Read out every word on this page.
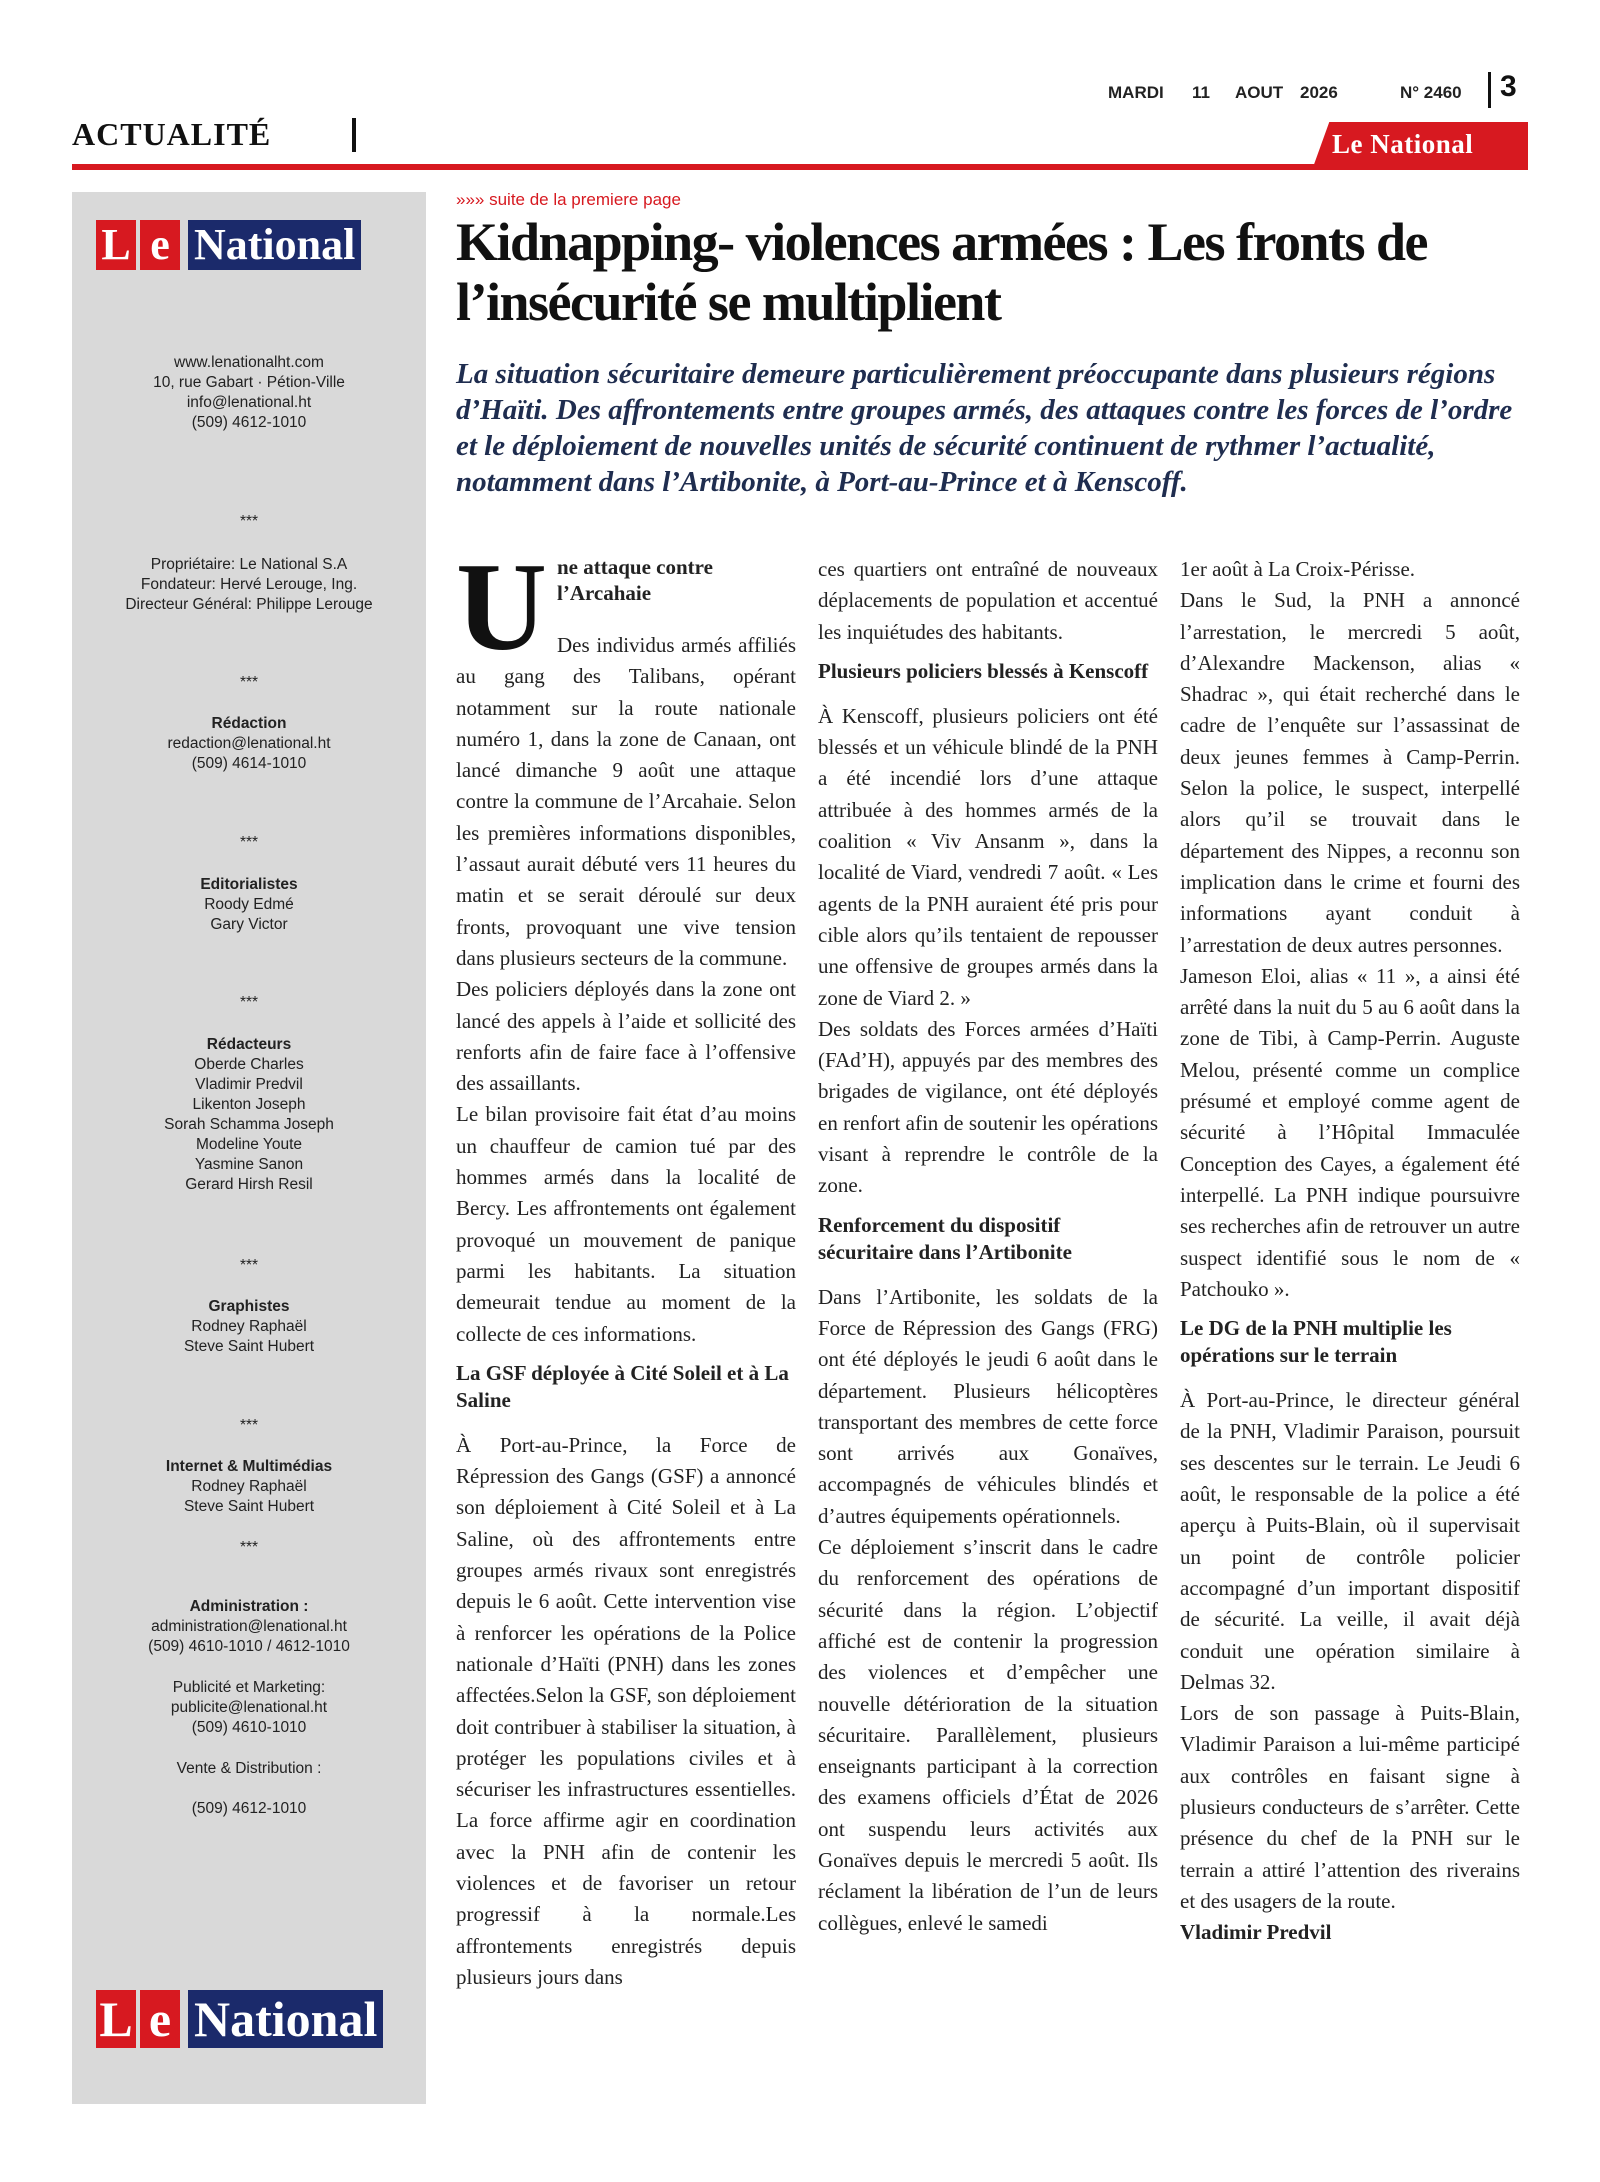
ACTUALITÉ
MARDI 11 AOUT 2026	N° 2460 3
Le National
L e National
www.lenationalht.com
10, rue Gabart · Pétion-Ville
info@lenational.ht
(509) 4612-1010
***
Propriétaire: Le National S.A
Fondateur: Hervé Lerouge, Ing.
Directeur Général: Philippe Lerouge
***
Rédaction
redaction@lenational.ht
(509) 4614-1010
***
Editorialistes
Roody Edmé
Gary Victor
***
Rédacteurs
Oberde Charles
Vladimir Predvil
Likenton Joseph
Sorah Schamma Joseph
Modeline Youte
Yasmine Sanon
Gerard Hirsh Resil
***
Graphistes
Rodney Raphaël
Steve Saint Hubert
***
Internet & Multimédias
Rodney Raphaël
Steve Saint Hubert
***
Administration :
administration@lenational.ht
(509) 4610-1010 / 4612-1010
Publicité et Marketing:
publicite@lenational.ht
(509) 4610-1010
Vente & Distribution :
(509) 4612-1010
L e National
»»» suite de la premiere page
Kidnapping- violences armées : Les fronts de l’insécurité se multiplient
La situation sécuritaire demeure particulièrement préoccupante dans plusieurs régions d’Haïti. Des affrontements entre groupes armés, des attaques contre les forces de l’ordre et le déploiement de nouvelles unités de sécurité continuent de rythmer l’actualité, notamment dans l’Artibonite, à Port-au-Prince et à Kenscoff.
U ne attaque contre l’Arcahaie

Des individus armés affiliés au gang des Talibans, opérant notamment sur la route nationale numéro 1, dans la zone de Canaan, ont lancé dimanche 9 août une attaque contre la commune de l’Arcahaie. Selon les premières informations disponibles, l’assaut aurait débuté vers 11 heures du matin et se serait déroulé sur deux fronts, provoquant une vive tension dans plusieurs secteurs de la commune.

Des policiers déployés dans la zone ont lancé des appels à l’aide et sollicité des renforts afin de faire face à l’offensive des assaillants.

Le bilan provisoire fait état d’au moins un chauffeur de camion tué par des hommes armés dans la localité de Bercy. Les affrontements ont également provoqué un mouvement de panique parmi les habitants. La situation demeurait tendue au moment de la collecte de ces informations.

La GSF déployée à Cité Soleil et à La Saline

À Port-au-Prince, la Force de Répression des Gangs (GSF) a annoncé son déploiement à Cité Soleil et à La Saline, où des affrontements entre groupes armés rivaux sont enregistrés depuis le 6 août. Cette intervention vise à renforcer les opérations de la Police nationale d’Haïti (PNH) dans les zones affectées.Selon la GSF, son déploiement doit contribuer à stabiliser la situation, à protéger les populations civiles et à sécuriser les infrastructures essentielles. La force affirme agir en coordination avec la PNH afin de contenir les violences et de favoriser un retour progressif à la normale.Les affrontements enregistrés depuis plusieurs jours dans

ces quartiers ont entraîné de nouveaux déplacements de population et accentué les inquiétudes des habitants.

Plusieurs policiers blessés à Kenscoff

À Kenscoff, plusieurs policiers ont été blessés et un véhicule blindé de la PNH a été incendié lors d’une attaque attribuée à des hommes armés de la coalition « Viv Ansanm », dans la localité de Viard, vendredi 7 août. « Les agents de la PNH auraient été pris pour cible alors qu’ils tentaient de repousser une offensive de groupes armés dans la zone de Viard 2. »

Des soldats des Forces armées d’Haïti (FAd’H), appuyés par des membres des brigades de vigilance, ont été déployés en renfort afin de soutenir les opérations visant à reprendre le contrôle de la zone.

Renforcement du dispositif sécuritaire dans l’Artibonite

Dans l’Artibonite, les soldats de la Force de Répression des Gangs (FRG) ont été déployés le jeudi 6 août dans le département. Plusieurs hélicoptères transportant des membres de cette force sont arrivés aux Gonaïves, accompagnés de véhicules blindés et d’autres équipements opérationnels.

Ce déploiement s’inscrit dans le cadre du renforcement des opérations de sécurité dans la région. L’objectif affiché est de contenir la progression des violences et d’empêcher une nouvelle détérioration de la situation sécuritaire. Parallèlement, plusieurs enseignants participant à la correction des examens officiels d’État de 2026 ont suspendu leurs activités aux Gonaïves depuis le mercredi 5 août. Ils réclament la libération de l’un de leurs collègues, enlevé le samedi

1er août à La Croix-Périsse.

Dans le Sud, la PNH a annoncé l’arrestation, le mercredi 5 août, d’Alexandre Mackenson, alias « Shadrac », qui était recherché dans le cadre de l’enquête sur l’assassinat de deux jeunes femmes à Camp-Perrin. Selon la police, le suspect, interpellé alors qu’il se trouvait dans le département des Nippes, a reconnu son implication dans le crime et fourni des informations ayant conduit à l’arrestation de deux autres personnes.

Jameson Eloi, alias « 11 », a ainsi été arrêté dans la nuit du 5 au 6 août dans la zone de Tibi, à Camp-Perrin. Auguste Melou, présenté comme un complice présumé et employé comme agent de sécurité à l’Hôpital Immaculée Conception des Cayes, a également été interpellé. La PNH indique poursuivre ses recherches afin de retrouver un autre suspect identifié sous le nom de « Patchouko ».

Le DG de la PNH multiplie les opérations sur le terrain

À Port-au-Prince, le directeur général de la PNH, Vladimir Paraison, poursuit ses descentes sur le terrain. Le Jeudi 6 août, le responsable de la police a été aperçu à Puits-Blain, où il supervisait un point de contrôle policier accompagné d’un important dispositif de sécurité. La veille, il avait déjà conduit une opération similaire à Delmas 32.

Lors de son passage à Puits-Blain, Vladimir Paraison a lui-même participé aux contrôles en faisant signe à plusieurs conducteurs de s’arrêter. Cette présence du chef de la PNH sur le terrain a attiré l’attention des riverains et des usagers de la route.

Vladimir Predvil
